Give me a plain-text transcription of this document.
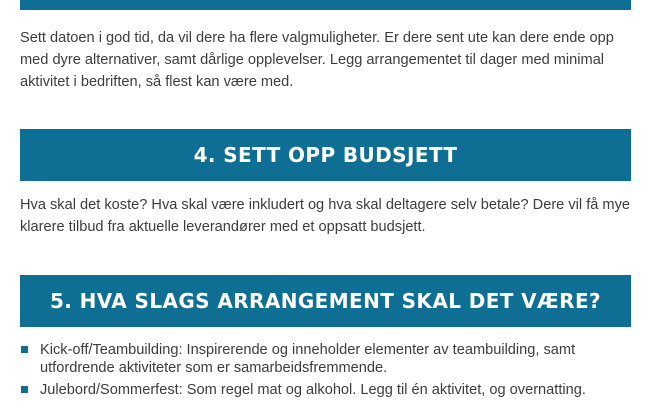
Sett datoen i god tid, da vil dere ha flere valgmuligheter. Er dere sent ute kan dere ende opp med dyre alternativer, samt dårlige opplevelser. Legg arrangementet til dager med minimal aktivitet i bedriften, så flest kan være med.

4. SETT OPP BUDSJETT

Hva skal det koste? Hva skal være inkludert og hva skal deltagere selv betale? Dere vil få mye klarere tilbud fra aktuelle leverandører med et oppsatt budsjett.

5. HVA SLAGS ARRANGEMENT SKAL DET VÆRE?
Kick-off/Teambuilding: Inspirerende og inneholder elementer av teambuilding, samt utfordrende aktiviteter som er samarbeidsfremmende.
Julebord/Sommerfest: Som regel mat og alkohol. Legg til én aktivitet, og overnatting.
